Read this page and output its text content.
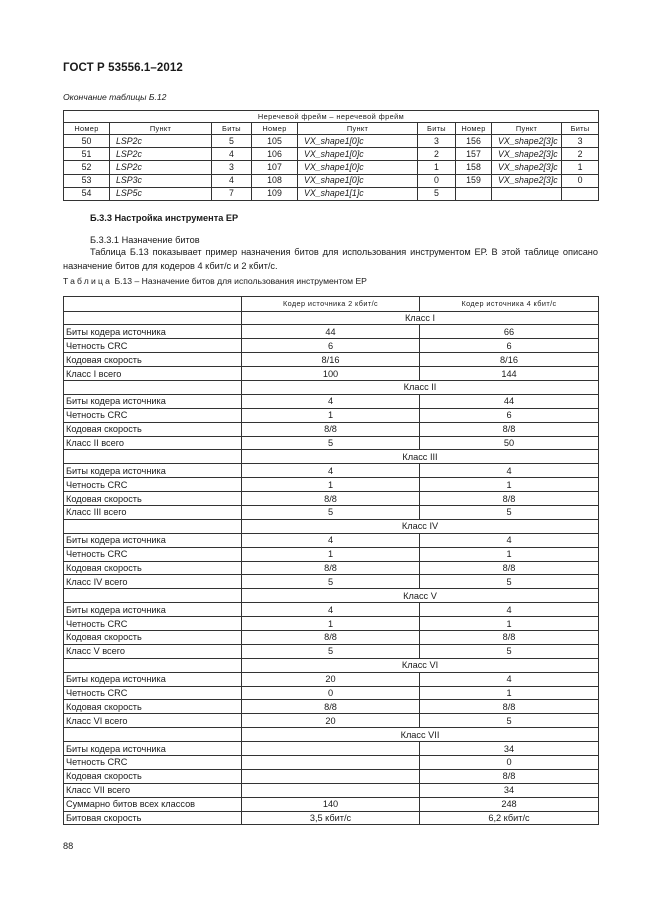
ГОСТ Р 53556.1–2012
Окончание таблицы Б.12
Неречевой фрейм – неречевой фрейм								
Номер	Пункт	Биты	Номер	Пункт	Биты	Номер	Пункт	Биты
50	LSP2c	5	105	VX_shape1[0]c	3	156	VX_shape2[3]c	3
51	LSP2c	4	106	VX_shape1[0]c	2	157	VX_shape2[3]c	2
52	LSP2c	3	107	VX_shape1[0]c	1	158	VX_shape2[3]c	1
53	LSP3c	4	108	VX_shape1[0]c	0	159	VX_shape2[3]c	0
54	LSP5c	7	109	VX_shape1[1]c	5			
Б.3.3 Настройка инструмента ЕР
Б.3.3.1 Назначение битов
Таблица Б.13 показывает пример назначения битов для использования инструментом ЕР. В этой таблице описано назначение битов для кодеров 4 кбит/с и 2 кбит/с.
Таблица Б.13 – Назначение битов для использования инструментом ЕР
	Кодер источника 2 кбит/с	Кодер источника 4 кбит/с
	Класс I	
Биты кодера источника	44	66
Четность CRC	6	6
Кодовая скорость	8/16	8/16
Класс I всего	100	144
	Класс II	
Биты кодера источника	4	44
Четность CRC	1	6
Кодовая скорость	8/8	8/8
Класс II всего	5	50
	Класс III	
Биты кодера источника	4	4
Четность CRC	1	1
Кодовая скорость	8/8	8/8
Класс III всего	5	5
	Класс IV	
Биты кодера источника	4	4
Четность CRC	1	1
Кодовая скорость	8/8	8/8
Класс IV всего	5	5
	Класс V	
Биты кодера источника	4	4
Четность CRC	1	1
Кодовая скорость	8/8	8/8
Класс V всего	5	5
	Класс VI	
Биты кодера источника	20	4
Четность CRC	0	1
Кодовая скорость	8/8	8/8
Класс VI всего	20	5
	Класс VII	
Биты кодера источника		34
Четность CRC		0
Кодовая скорость		8/8
Класс VII всего		34
Суммарно битов всех классов	140	248
Битовая скорость	3,5 кбит/с	6,2 кбит/с
88
